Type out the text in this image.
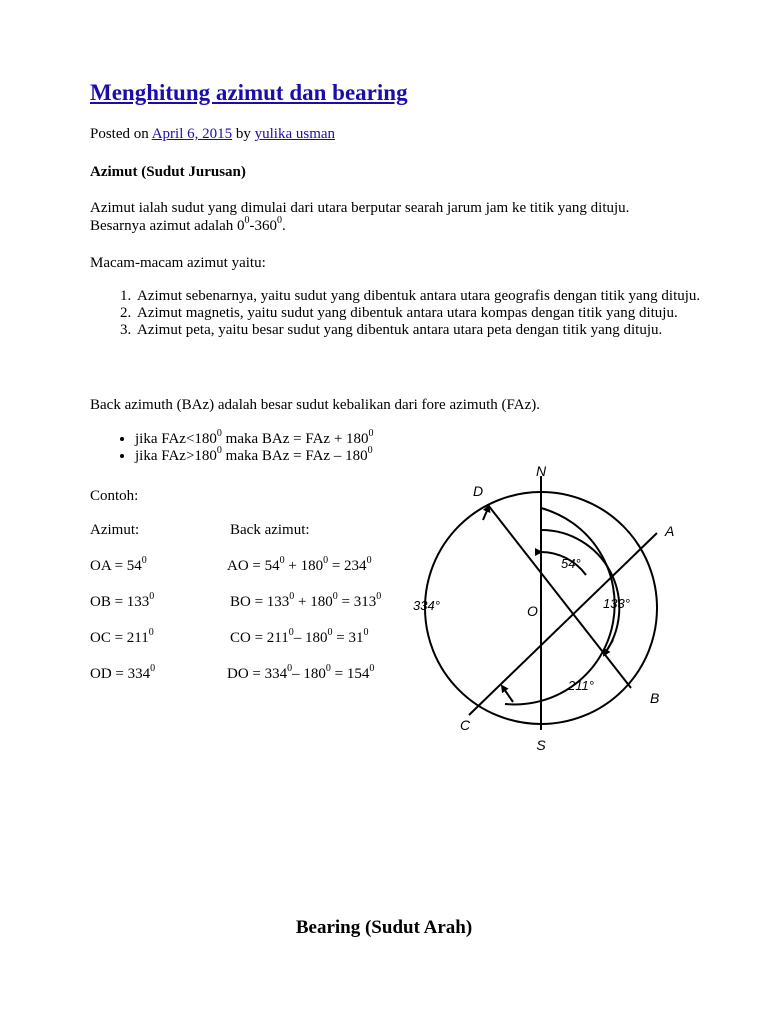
Menghitung azimut dan bearing
Posted on April 6, 2015 by yulika usman
Azimut (Sudut Jurusan)
Azimut ialah sudut yang dimulai dari utara berputar searah jarum jam ke titik yang dituju.
Besarnya azimut adalah $0^0-360^0$.
Macam-macam azimut yaitu:
1. Azimut sebenarnya, yaitu sudut yang dibentuk antara utara geografis dengan titik yang dituju.
2. Azimut magnetis, yaitu sudut yang dibentuk antara utara kompas dengan titik yang dituju.
3. Azimut peta, yaitu besar sudut yang dibentuk antara utara peta dengan titik yang dituju.
Back azimuth (BAz) adalah besar sudut kebalikan dari fore azimuth (FAz).
• jika $FAz<180^0$ maka BAz = FAz + $180^0$
• jika $FAz>180^0$ maka BAz = FAz – $180^0$
Contoh:
Azimut:	Back azimut:
OA = $54^0$	AO = $54^0 + 180^0 = 234^0$
OB = $133^0$	BO = $133^0 + 180^0 = 313^0$
OC = $211^0$	CO = $211^0-$ $180^0 = 31^0$
OD = $334^0$	DO = $334^0-$ $180^0 = 154^0$
N
S
O
A
B
C
D
54°
133°
211°
334°
Bearing (Sudut Arah)
